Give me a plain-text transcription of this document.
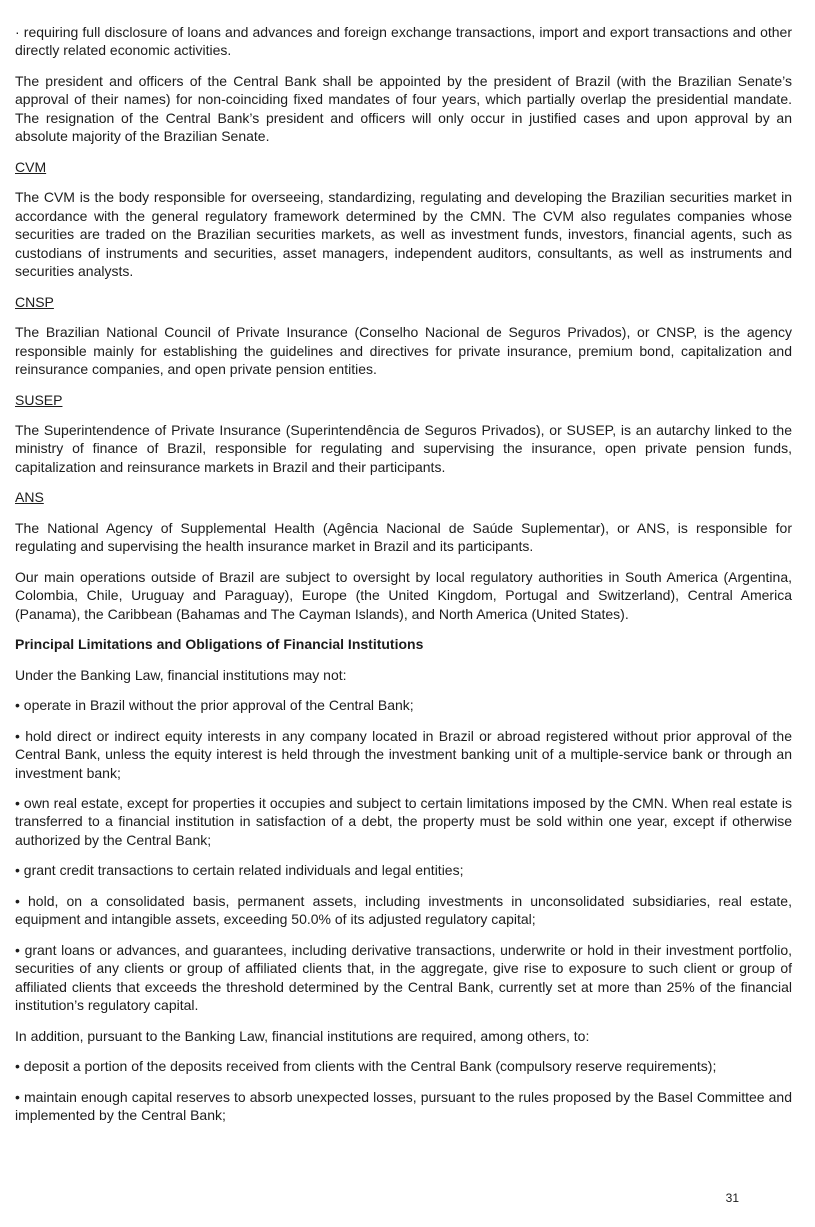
· requiring full disclosure of loans and advances and foreign exchange transactions, import and export transactions and other directly related economic activities.

The president and officers of the Central Bank shall be appointed by the president of Brazil (with the Brazilian Senate’s approval of their names) for non-coinciding fixed mandates of four years, which partially overlap the presidential mandate. The resignation of the Central Bank’s president and officers will only occur in justified cases and upon approval by an absolute majority of the Brazilian Senate.

CVM

The CVM is the body responsible for overseeing, standardizing, regulating and developing the Brazilian securities market in accordance with the general regulatory framework determined by the CMN. The CVM also regulates companies whose securities are traded on the Brazilian securities markets, as well as investment funds, investors, financial agents, such as custodians of instruments and securities, asset managers, independent auditors, consultants, as well as instruments and securities analysts.

CNSP

The Brazilian National Council of Private Insurance (Conselho Nacional de Seguros Privados), or CNSP, is the agency responsible mainly for establishing the guidelines and directives for private insurance, premium bond, capitalization and reinsurance companies, and open private pension entities.

SUSEP

The Superintendence of Private Insurance (Superintendência de Seguros Privados), or SUSEP, is an autarchy linked to the ministry of finance of Brazil, responsible for regulating and supervising the insurance, open private pension funds, capitalization and reinsurance markets in Brazil and their participants.

ANS

The National Agency of Supplemental Health (Agência Nacional de Saúde Suplementar), or ANS, is responsible for regulating and supervising the health insurance market in Brazil and its participants.

Our main operations outside of Brazil are subject to oversight by local regulatory authorities in South America (Argentina, Colombia, Chile, Uruguay and Paraguay), Europe (the United Kingdom, Portugal and Switzerland), Central America (Panama), the Caribbean (Bahamas and The Cayman Islands), and North America (United States).

Principal Limitations and Obligations of Financial Institutions

Under the Banking Law, financial institutions may not:

• operate in Brazil without the prior approval of the Central Bank;

• hold direct or indirect equity interests in any company located in Brazil or abroad registered without prior approval of the Central Bank, unless the equity interest is held through the investment banking unit of a multiple-service bank or through an investment bank;

• own real estate, except for properties it occupies and subject to certain limitations imposed by the CMN. When real estate is transferred to a financial institution in satisfaction of a debt, the property must be sold within one year, except if otherwise authorized by the Central Bank;

• grant credit transactions to certain related individuals and legal entities;

• hold, on a consolidated basis, permanent assets, including investments in unconsolidated subsidiaries, real estate, equipment and intangible assets, exceeding 50.0% of its adjusted regulatory capital;

• grant loans or advances, and guarantees, including derivative transactions, underwrite or hold in their investment portfolio, securities of any clients or group of affiliated clients that, in the aggregate, give rise to exposure to such client or group of affiliated clients that exceeds the threshold determined by the Central Bank, currently set at more than 25% of the financial institution’s regulatory capital.

In addition, pursuant to the Banking Law, financial institutions are required, among others, to:

• deposit a portion of the deposits received from clients with the Central Bank (compulsory reserve requirements);

• maintain enough capital reserves to absorb unexpected losses, pursuant to the rules proposed by the Basel Committee and implemented by the Central Bank;

31
